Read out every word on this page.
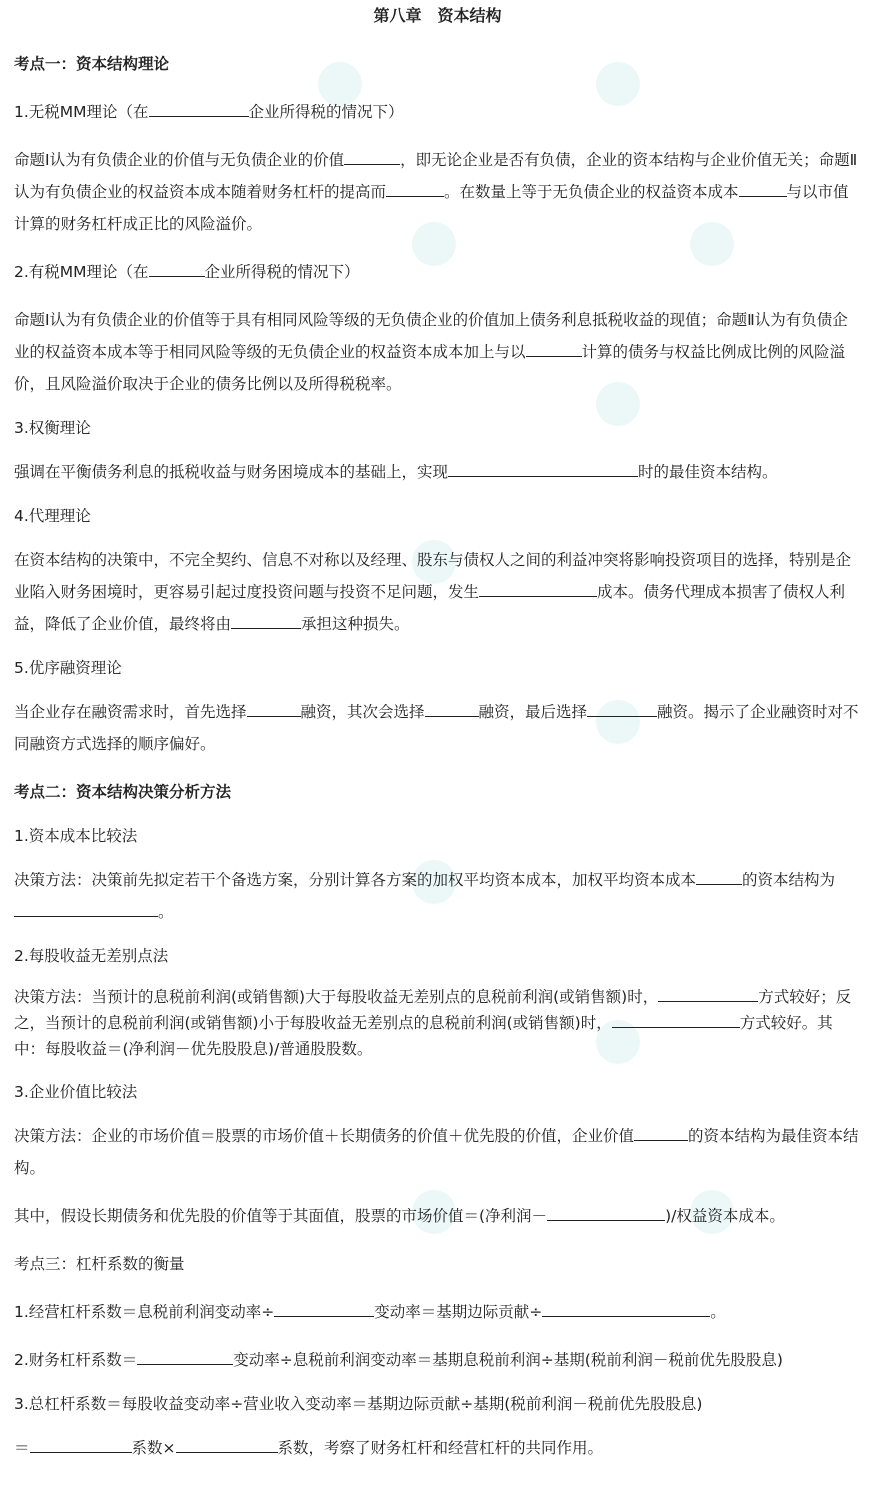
第八章　资本结构
考点一：资本结构理论
1.无税MM理论（在	企业所得税的情况下）
命题I认为有负债企业的价值与无负债企业的价值	，即无论企业是否有负债，企业的资本结构与企业价值无关；命题Ⅱ认为有负债企业的权益资本成本随着财务杠杆的提高而	。在数量上等于无负债企业的权益资本成本	与以市值计算的财务杠杆成正比的风险溢价。
2.有税MM理论（在	企业所得税的情况下）
命题I认为有负债企业的价值等于具有相同风险等级的无负债企业的价值加上债务利息抵税收益的现值；命题Ⅱ认为有负债企业的权益资本成本等于相同风险等级的无负债企业的权益资本成本加上与以	计算的债务与权益比例成比例的风险溢价，且风险溢价取决于企业的债务比例以及所得税税率。
3.权衡理论
强调在平衡债务利息的抵税收益与财务困境成本的基础上，实现	时的最佳资本结构。
4.代理理论
在资本结构的决策中，不完全契约、信息不对称以及经理、股东与债权人之间的利益冲突将影响投资项目的选择，特别是企业陷入财务困境时，更容易引起过度投资问题与投资不足问题，发生	成本。债务代理成本损害了债权人利益，降低了企业价值，最终将由	承担这种损失。
5.优序融资理论
当企业存在融资需求时，首先选择	融资，其次会选择	融资，最后选择	融资。揭示了企业融资时对不同融资方式选择的顺序偏好。
考点二：资本结构决策分析方法
1.资本成本比较法
决策方法：决策前先拟定若干个备选方案，分别计算各方案的加权平均资本成本，加权平均资本成本	的资本结构为。
2.每股收益无差别点法
决策方法：当预计的息税前利润(或销售额)大于每股收益无差别点的息税前利润(或销售额)时，	方式较好；反之，当预计的息税前利润(或销售额)小于每股收益无差别点的息税前利润(或销售额)时，	方式较好。其中：每股收益＝(净利润－优先股股息)/普通股股数。
3.企业价值比较法
决策方法：企业的市场价值＝股票的市场价值＋长期债务的价值＋优先股的价值，企业价值	的资本结构为最佳资本结构。
其中，假设长期债务和优先股的价值等于其面值，股票的市场价值＝(净利润－	)/权益资本成本。
考点三：杠杆系数的衡量
1.经营杠杆系数＝息税前利润变动率÷	变动率＝基期边际贡献÷	。
2.财务杠杆系数＝	变动率÷息税前利润变动率＝基期息税前利润÷基期(税前利润－税前优先股股息)
3.总杠杆系数＝每股收益变动率÷营业收入变动率＝基期边际贡献÷基期(税前利润－税前优先股股息)
＝	系数×	系数，考察了财务杠杆和经营杠杆的共同作用。
